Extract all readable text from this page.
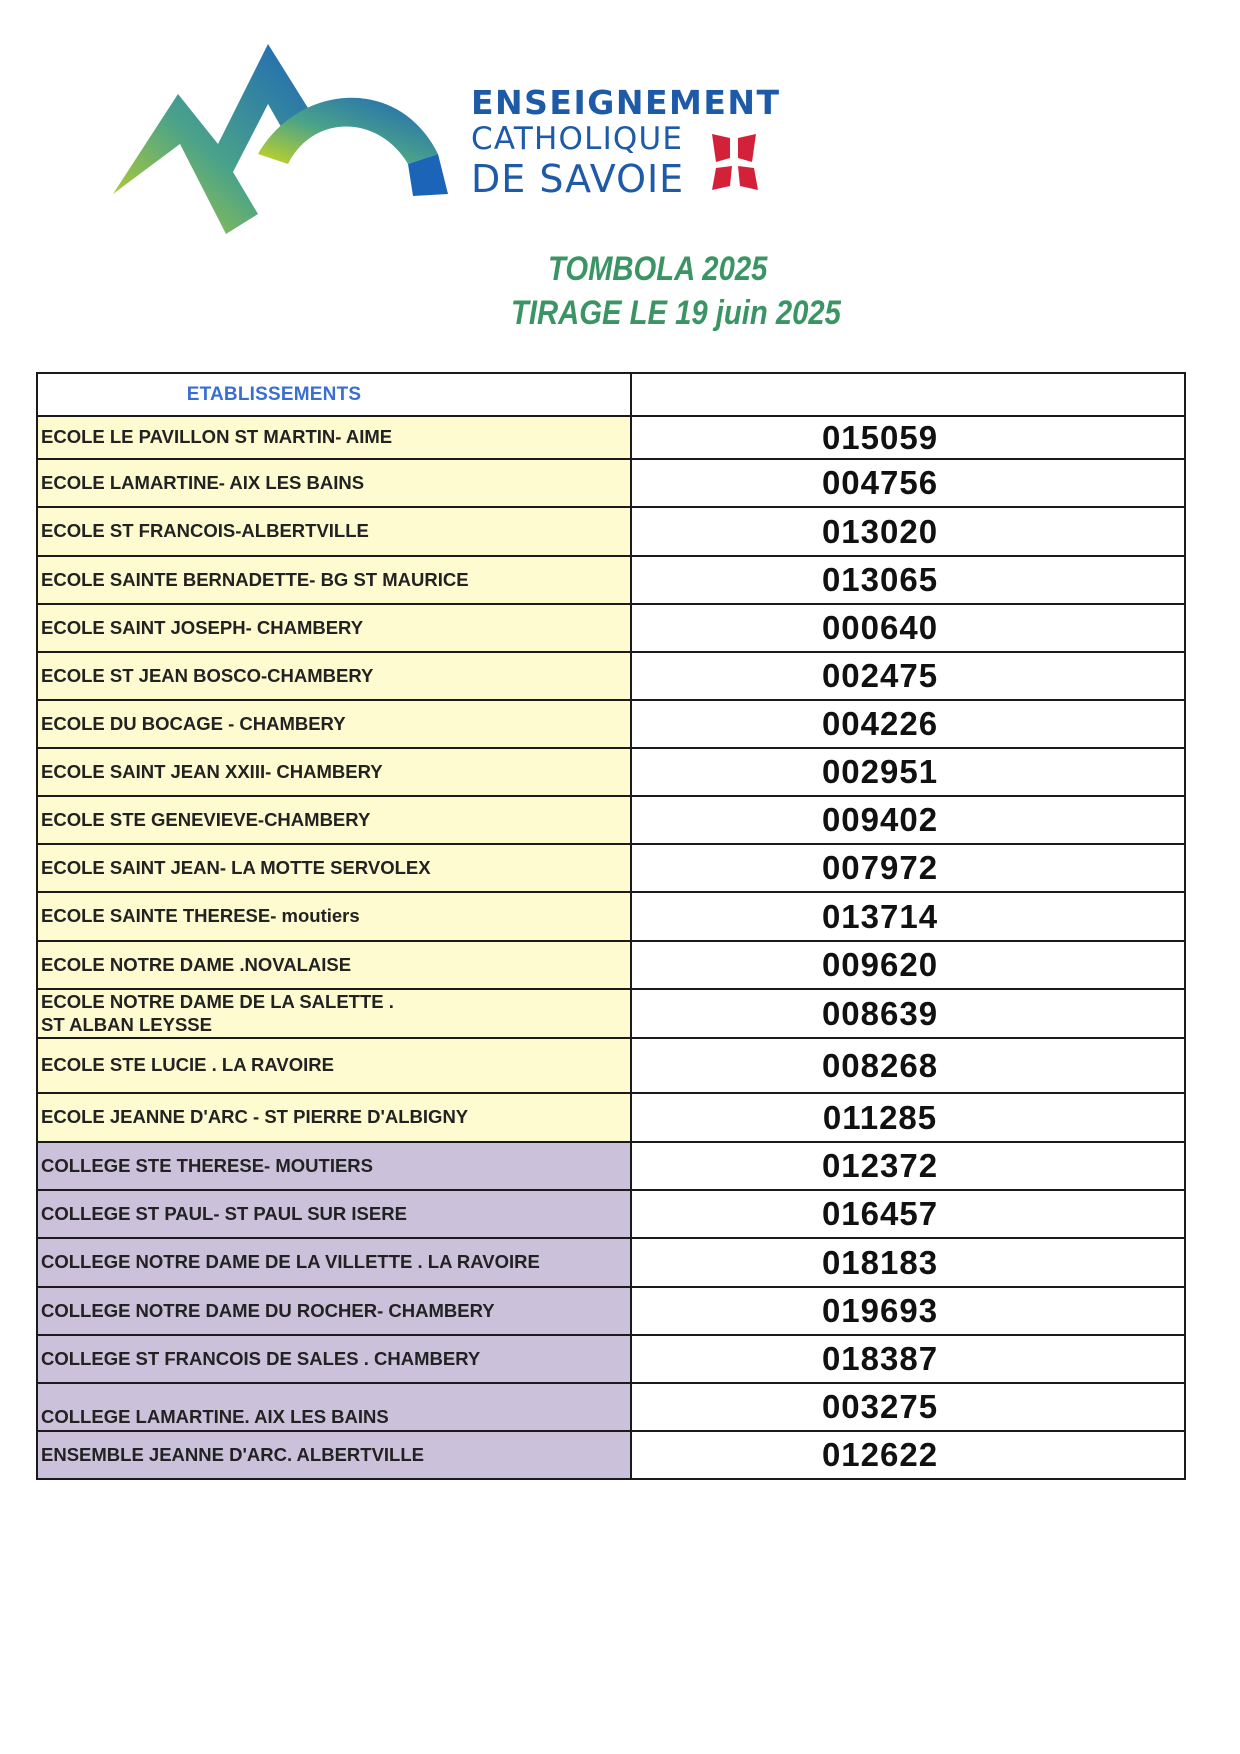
ENSEIGNEMENT
CATHOLIQUE
DE SAVOIE
TOMBOLA 2025
TIRAGE LE 19 juin 2025
ETABLISSEMENTS	

ECOLE LE PAVILLON ST MARTIN- AIME	015059

ECOLE LAMARTINE- AIX LES BAINS	004756

ECOLE ST FRANCOIS-ALBERTVILLE	013020

ECOLE SAINTE BERNADETTE- BG ST MAURICE	013065

ECOLE SAINT JOSEPH- CHAMBERY	000640

ECOLE ST JEAN BOSCO-CHAMBERY	002475

ECOLE DU BOCAGE - CHAMBERY	004226

ECOLE SAINT JEAN XXIII- CHAMBERY	002951

ECOLE STE GENEVIEVE-CHAMBERY	009402

ECOLE SAINT JEAN- LA MOTTE SERVOLEX	007972

ECOLE SAINTE THERESE- moutiers	013714

ECOLE NOTRE DAME .NOVALAISE	009620

ECOLE NOTRE DAME DE LA SALETTE .
ST ALBAN LEYSSE	008639

ECOLE STE LUCIE . LA RAVOIRE	008268

ECOLE JEANNE D'ARC - ST PIERRE D'ALBIGNY	011285

COLLEGE STE THERESE- MOUTIERS	012372

COLLEGE ST PAUL- ST PAUL SUR ISERE	016457

COLLEGE NOTRE DAME DE LA VILLETTE . LA RAVOIRE	018183

COLLEGE NOTRE DAME DU ROCHER- CHAMBERY	019693

COLLEGE ST FRANCOIS DE SALES . CHAMBERY	018387

COLLEGE LAMARTINE. AIX LES BAINS	003275

ENSEMBLE JEANNE D'ARC. ALBERTVILLE	012622
